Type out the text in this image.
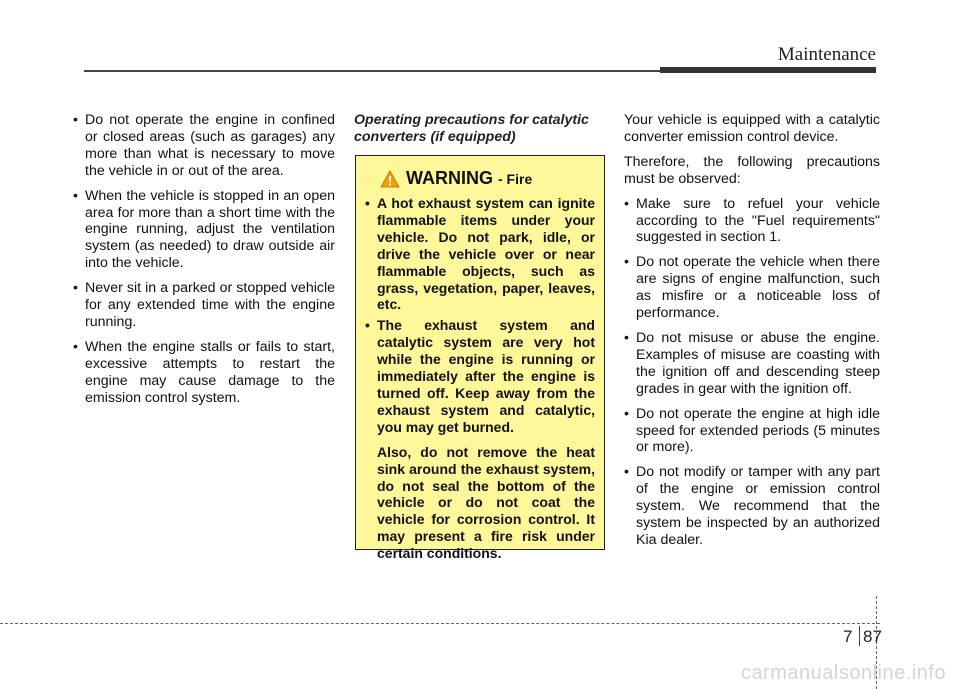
Maintenance
• Do not operate the engine in confined or closed areas (such as garages) any more than what is necessary to move the vehicle in or out of the area.
• When the vehicle is stopped in an open area for more than a short time with the engine running, adjust the ventilation system (as needed) to draw outside air into the vehicle.
• Never sit in a parked or stopped vehicle for any extended time with the engine running.
• When the engine stalls or fails to start, excessive attempts to restart the engine may cause damage to the emission control system.
Operating precautions for catalytic converters (if equipped)
WARNING - Fire
• A hot exhaust system can ignite flammable items under your vehicle. Do not park, idle, or drive the vehicle over or near flammable objects, such as grass, vegetation, paper, leaves, etc.
• The exhaust system and catalytic system are very hot while the engine is running or immediately after the engine is turned off. Keep away from the exhaust system and catalytic, you may get burned.

Also, do not remove the heat sink around the exhaust system, do not seal the bottom of the vehicle or do not coat the vehicle for corrosion control. It may present a fire risk under certain conditions.

Your vehicle is equipped with a catalytic converter emission control device.

Therefore, the following precautions must be observed:

• Make sure to refuel your vehicle according to the "Fuel requirements" suggested in section 1.
• Do not operate the vehicle when there are signs of engine malfunction, such as misfire or a noticeable loss of performance.
• Do not misuse or abuse the engine. Examples of misuse are coasting with the ignition off and descending steep grades in gear with the ignition off.
• Do not operate the engine at high idle speed for extended periods (5 minutes or more).
• Do not modify or tamper with any part of the engine or emission control system. We recommend that the system be inspected by an authorized Kia dealer.
7 87
carmanualsonline.info
